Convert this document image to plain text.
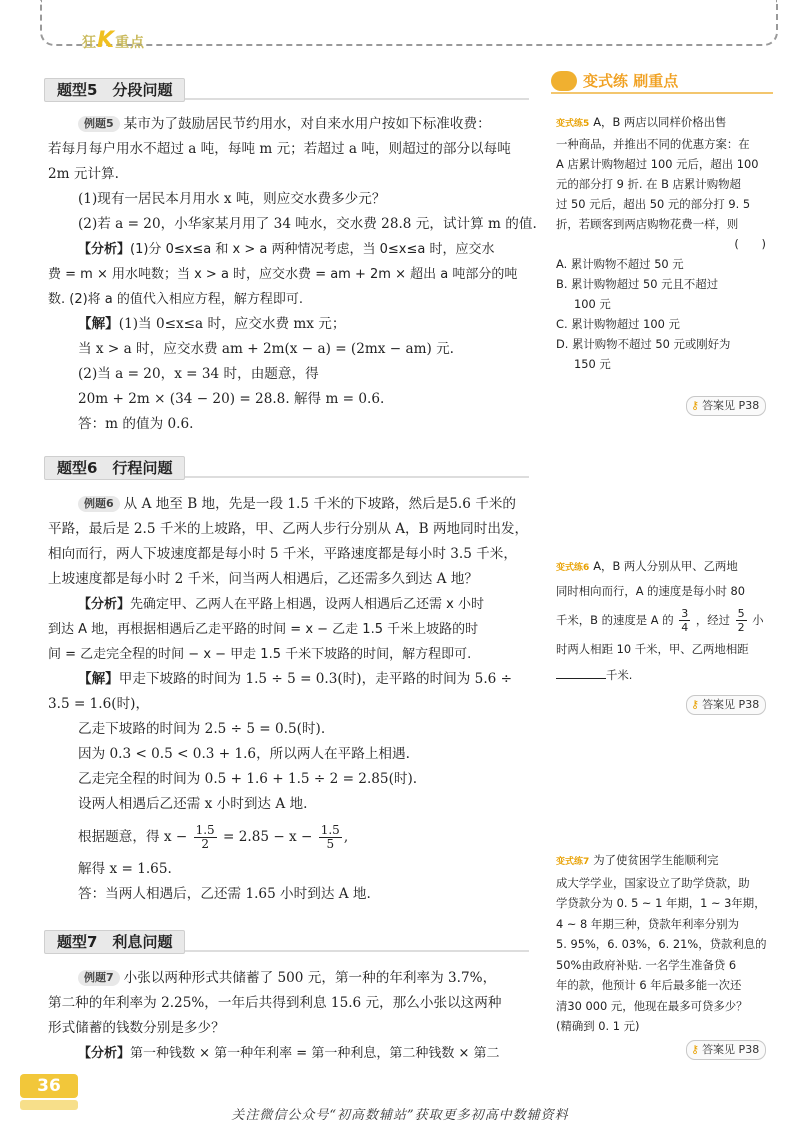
狂K重点
题型5　分段问题

例题5 某市为了鼓励居民节约用水，对自来水用户按如下标准收费：

若每月每户用水不超过 a 吨，每吨 m 元；若超过 a 吨，则超过的部分以每吨

2m 元计算.

(1)现有一居民本月用水 x 吨，则应交水费多少元？

(2)若 a = 20，小华家某月用了 34 吨水，交水费 28.8 元，试计算 m 的值.

【分析】(1)分 0≤x≤a 和 x > a 两种情况考虑，当 0≤x≤a 时，应交水

费 = m × 用水吨数；当 x > a 时，应交水费 = am + 2m × 超出 a 吨部分的吨

数. (2)将 a 的值代入相应方程，解方程即可.

【解】(1)当 0≤x≤a 时，应交水费 mx 元；

当 x > a 时，应交水费 am + 2m(x − a) = (2mx − am) 元.

(2)当 a = 20，x = 34 时，由题意，得

20m + 2m × (34 − 20) = 28.8. 解得 m = 0.6.

答：m 的值为 0.6.

题型6　行程问题

例题6 从 A 地至 B 地，先是一段 1.5 千米的下坡路，然后是5.6 千米的

平路，最后是 2.5 千米的上坡路，甲、乙两人步行分别从 A，B 两地同时出发，

相向而行，两人下坡速度都是每小时 5 千米，平路速度都是每小时 3.5 千米，

上坡速度都是每小时 2 千米，问当两人相遇后，乙还需多久到达 A 地？

【分析】先确定甲、乙两人在平路上相遇，设两人相遇后乙还需 x 小时

到达 A 地，再根据相遇后乙走平路的时间 = x − 乙走 1.5 千米上坡路的时

间 = 乙走完全程的时间 − x − 甲走 1.5 千米下坡路的时间，解方程即可.

【解】甲走下坡路的时间为 1.5 ÷ 5 = 0.3(时)，走平路的时间为 5.6 ÷

3.5 = 1.6(时)，

乙走下坡路的时间为 2.5 ÷ 5 = 0.5(时).

因为 0.3 < 0.5 < 0.3 + 1.6，所以两人在平路上相遇.

乙走完全程的时间为 0.5 + 1.6 + 1.5 ÷ 2 = 2.85(时).

设两人相遇后乙还需 x 小时到达 A 地.

根据题意，得 $x - \frac{1.5}{2} = 2.85 - x - \frac{1.5}{5}$ ,

解得 x = 1.65.

答：当两人相遇后，乙还需 1.65 小时到达 A 地.

题型7　利息问题

例题7 小张以两种形式共储蓄了 500 元，第一种的年利率为 3.7%，

第二种的年利率为 2.25%，一年后共得到利息 15.6 元，那么小张以这两种

形式储蓄的钱数分别是多少？

【分析】第一种钱数 × 第一种年利率 = 第一种利息，第二种钱数 × 第二

变式练 刷重点
变式练5 A，B 两店以同样价格出售
一种商品，并推出不同的优惠方案：在
A 店累计购物超过 100 元后，超出 100
元的部分打 9 折. 在 B 店累计购物超
过 50 元后，超出 50 元的部分打 9. 5
折，若顾客到两店购物花费一样，则
(　　)
A. 累计购物不超过 50 元
B. 累计购物超过 50 元且不超过
100 元
C. 累计购物超过 100 元
D. 累计购物不超过 50 元或刚好为
150 元
⚷ 答案见 P38
变式练6 A，B 两人分别从甲、乙两地
同时相向而行，A 的速度是每小时 80
千米，B 的速度是 A 的 $\frac{3}{4}$ ，经过 $\frac{5}{2}$ 小
时两人相距 10 千米，甲、乙两地相距
千米.
⚷ 答案见 P38
变式练7 为了使贫困学生能顺利完
成大学学业，国家设立了助学贷款，助
学贷款分为 0. 5 ~ 1 年期，1 ~ 3年期，
4 ~ 8 年期三种，贷款年利率分别为
5. 95%，6. 03%，6. 21%，贷款利息的
50%由政府补贴. 一名学生准备贷 6
年的款，他预计 6 年后最多能一次还
清30 000 元，他现在最多可贷多少？
(精确到 0. 1 元)
⚷ 答案见 P38
36
关注微信公众号“初高数辅站”获取更多初高中数辅资料
